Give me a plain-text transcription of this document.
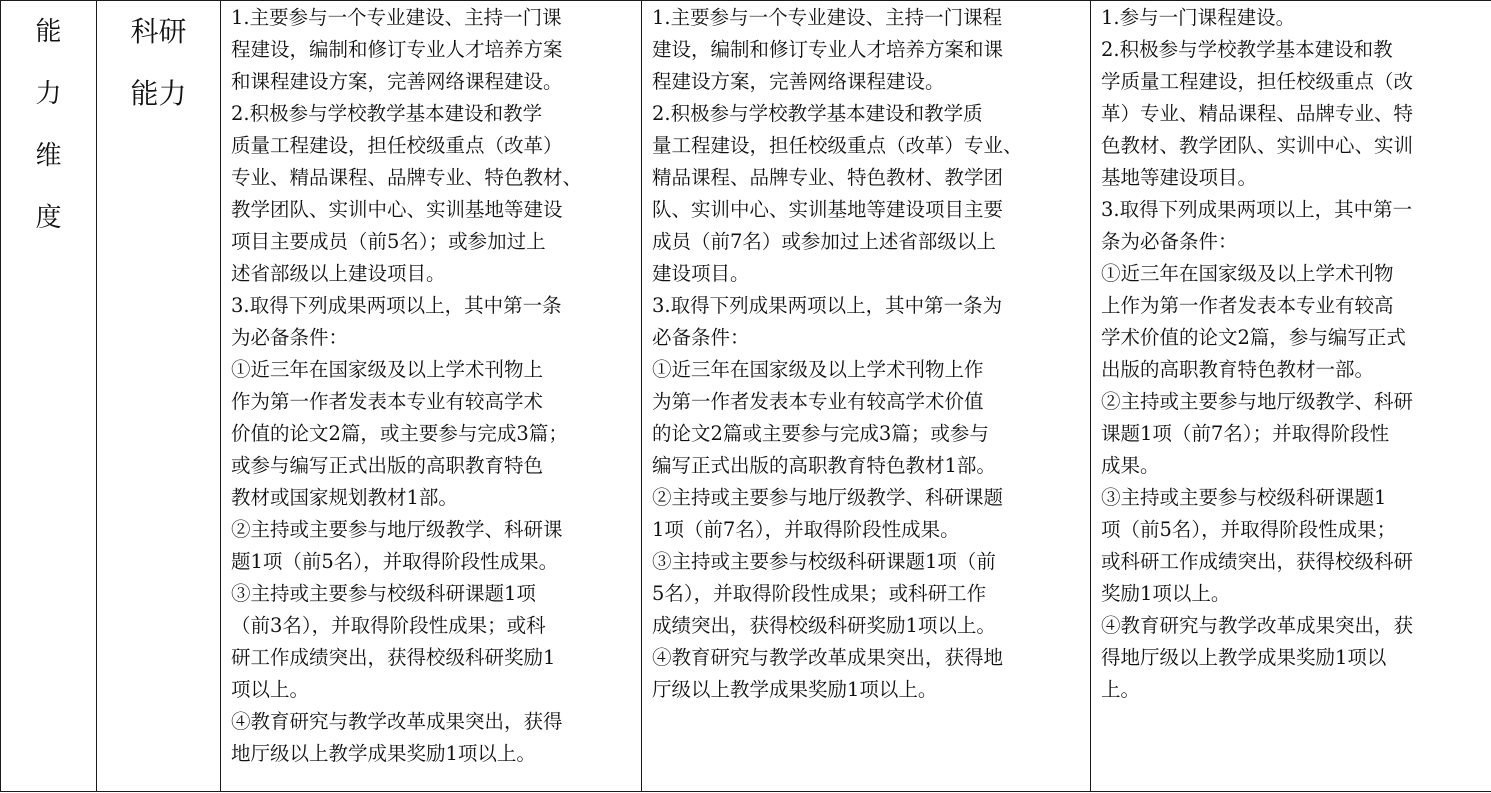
能力维度	科研能力	
1.主要参与一个专业建设、主持一门课
程建设，编制和修订专业人才培养方案
和课程建设方案，完善网络课程建设。
2.积极参与学校教学基本建设和教学
质量工程建设，担任校级重点（改革）
专业、精品课程、品牌专业、特色教材、
教学团队、实训中心、实训基地等建设
项目主要成员（前5名）；或参加过上
述省部级以上建设项目。
3.取得下列成果两项以上，其中第一条
为必备条件：
①近三年在国家级及以上学术刊物上
作为第一作者发表本专业有较高学术
价值的论文2篇，或主要参与完成3篇；
或参与编写正式出版的高职教育特色
教材或国家规划教材1部。
②主持或主要参与地厅级教学、科研课
题1项（前5名），并取得阶段性成果。
③主持或主要参与校级科研课题1项
（前3名），并取得阶段性成果；或科
研工作成绩突出，获得校级科研奖励1
项以上。
④教育研究与教学改革成果突出，获得
地厅级以上教学成果奖励1项以上。

1.主要参与一个专业建设、主持一门课程
建设，编制和修订专业人才培养方案和课
程建设方案，完善网络课程建设。
2.积极参与学校教学基本建设和教学质
量工程建设，担任校级重点（改革）专业、
精品课程、品牌专业、特色教材、教学团
队、实训中心、实训基地等建设项目主要
成员（前7名）或参加过上述省部级以上
建设项目。
3.取得下列成果两项以上，其中第一条为
必备条件：
①近三年在国家级及以上学术刊物上作
为第一作者发表本专业有较高学术价值
的论文2篇或主要参与完成3篇；或参与
编写正式出版的高职教育特色教材1部。
②主持或主要参与地厅级教学、科研课题
1项（前7名），并取得阶段性成果。
③主持或主要参与校级科研课题1项（前
5名），并取得阶段性成果；或科研工作
成绩突出，获得校级科研奖励1项以上。
④教育研究与教学改革成果突出，获得地
厅级以上教学成果奖励1项以上。

1.参与一门课程建设。
2.积极参与学校教学基本建设和教
学质量工程建设，担任校级重点（改
革）专业、精品课程、品牌专业、特
色教材、教学团队、实训中心、实训
基地等建设项目。
3.取得下列成果两项以上，其中第一
条为必备条件：
①近三年在国家级及以上学术刊物
上作为第一作者发表本专业有较高
学术价值的论文2篇，参与编写正式
出版的高职教育特色教材一部。
②主持或主要参与地厅级教学、科研
课题1项（前7名）；并取得阶段性
成果。
③主持或主要参与校级科研课题1
项（前5名），并取得阶段性成果；
或科研工作成绩突出，获得校级科研
奖励1项以上。
④教育研究与教学改革成果突出，获
得地厅级以上教学成果奖励1项以
上。
